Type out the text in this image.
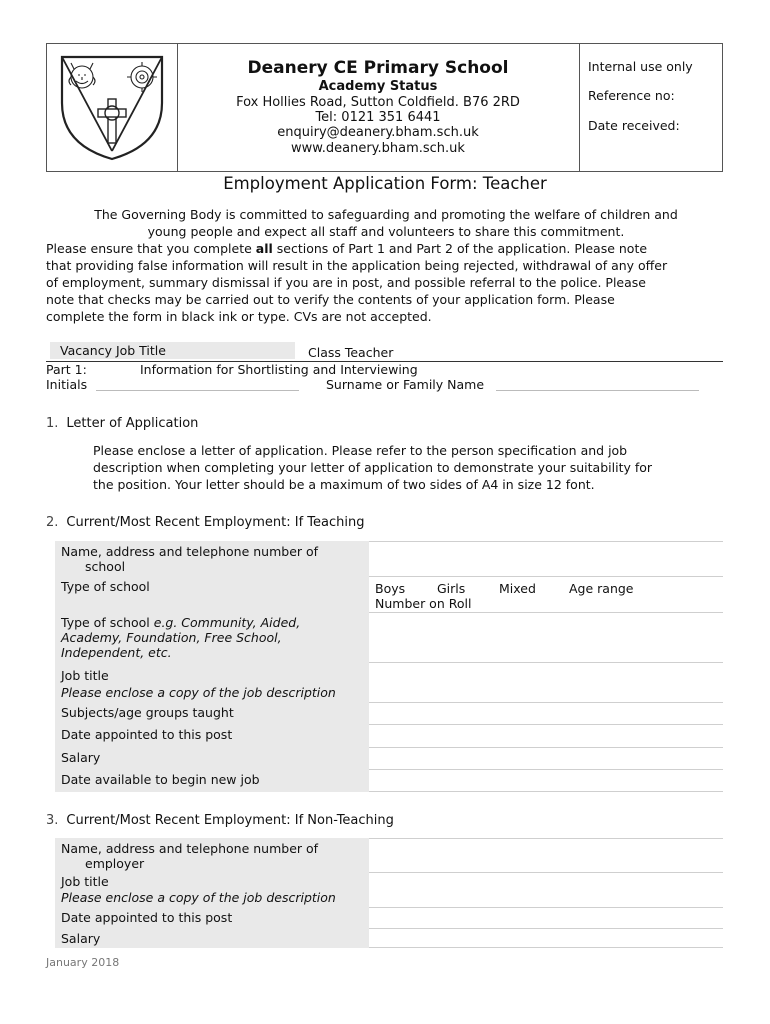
Deanery CE Primary School
Academy Status
Fox Hollies Road, Sutton Coldfield. B76 2RD
Tel: 0121 351 6441
enquiry@deanery.bham.sch.uk
www.deanery.bham.sch.uk
Internal use only
Reference no:
Date received:
Employment Application Form: Teacher
The Governing Body is committed to safeguarding and promoting the welfare of children and
young people and expect all staff and volunteers to share this commitment.
Please ensure that you complete all sections of Part 1 and Part 2 of the application. Please note
that providing false information will result in the application being rejected, withdrawal of any offer
of employment, summary dismissal if you are in post, and possible referral to the police. Please
note that checks may be carried out to verify the contents of your application form. Please
complete the form in black ink or type. CVs are not accepted.
Vacancy Job Title	Class Teacher
Part 1:	Information for Shortlisting and Interviewing
Initials	Surname or Family Name
1. Letter of Application
Please enclose a letter of application. Please refer to the person specification and job
description when completing your letter of application to demonstrate your suitability for
the position. Your letter should be a maximum of two sides of A4 in size 12 font.
2. Current/Most Recent Employment: If Teaching
Name, address and telephone number of
school
Type of school	Boys	Girls	Mixed	Age range
Number on Roll
Type of school e.g. Community, Aided,
Academy, Foundation, Free School,
Independent, etc.
Job title
Please enclose a copy of the job description
Subjects/age groups taught
Date appointed to this post
Salary
Date available to begin new job
3. Current/Most Recent Employment: If Non-Teaching
Name, address and telephone number of
employer
Job title
Please enclose a copy of the job description
Date appointed to this post
Salary
January 2018
